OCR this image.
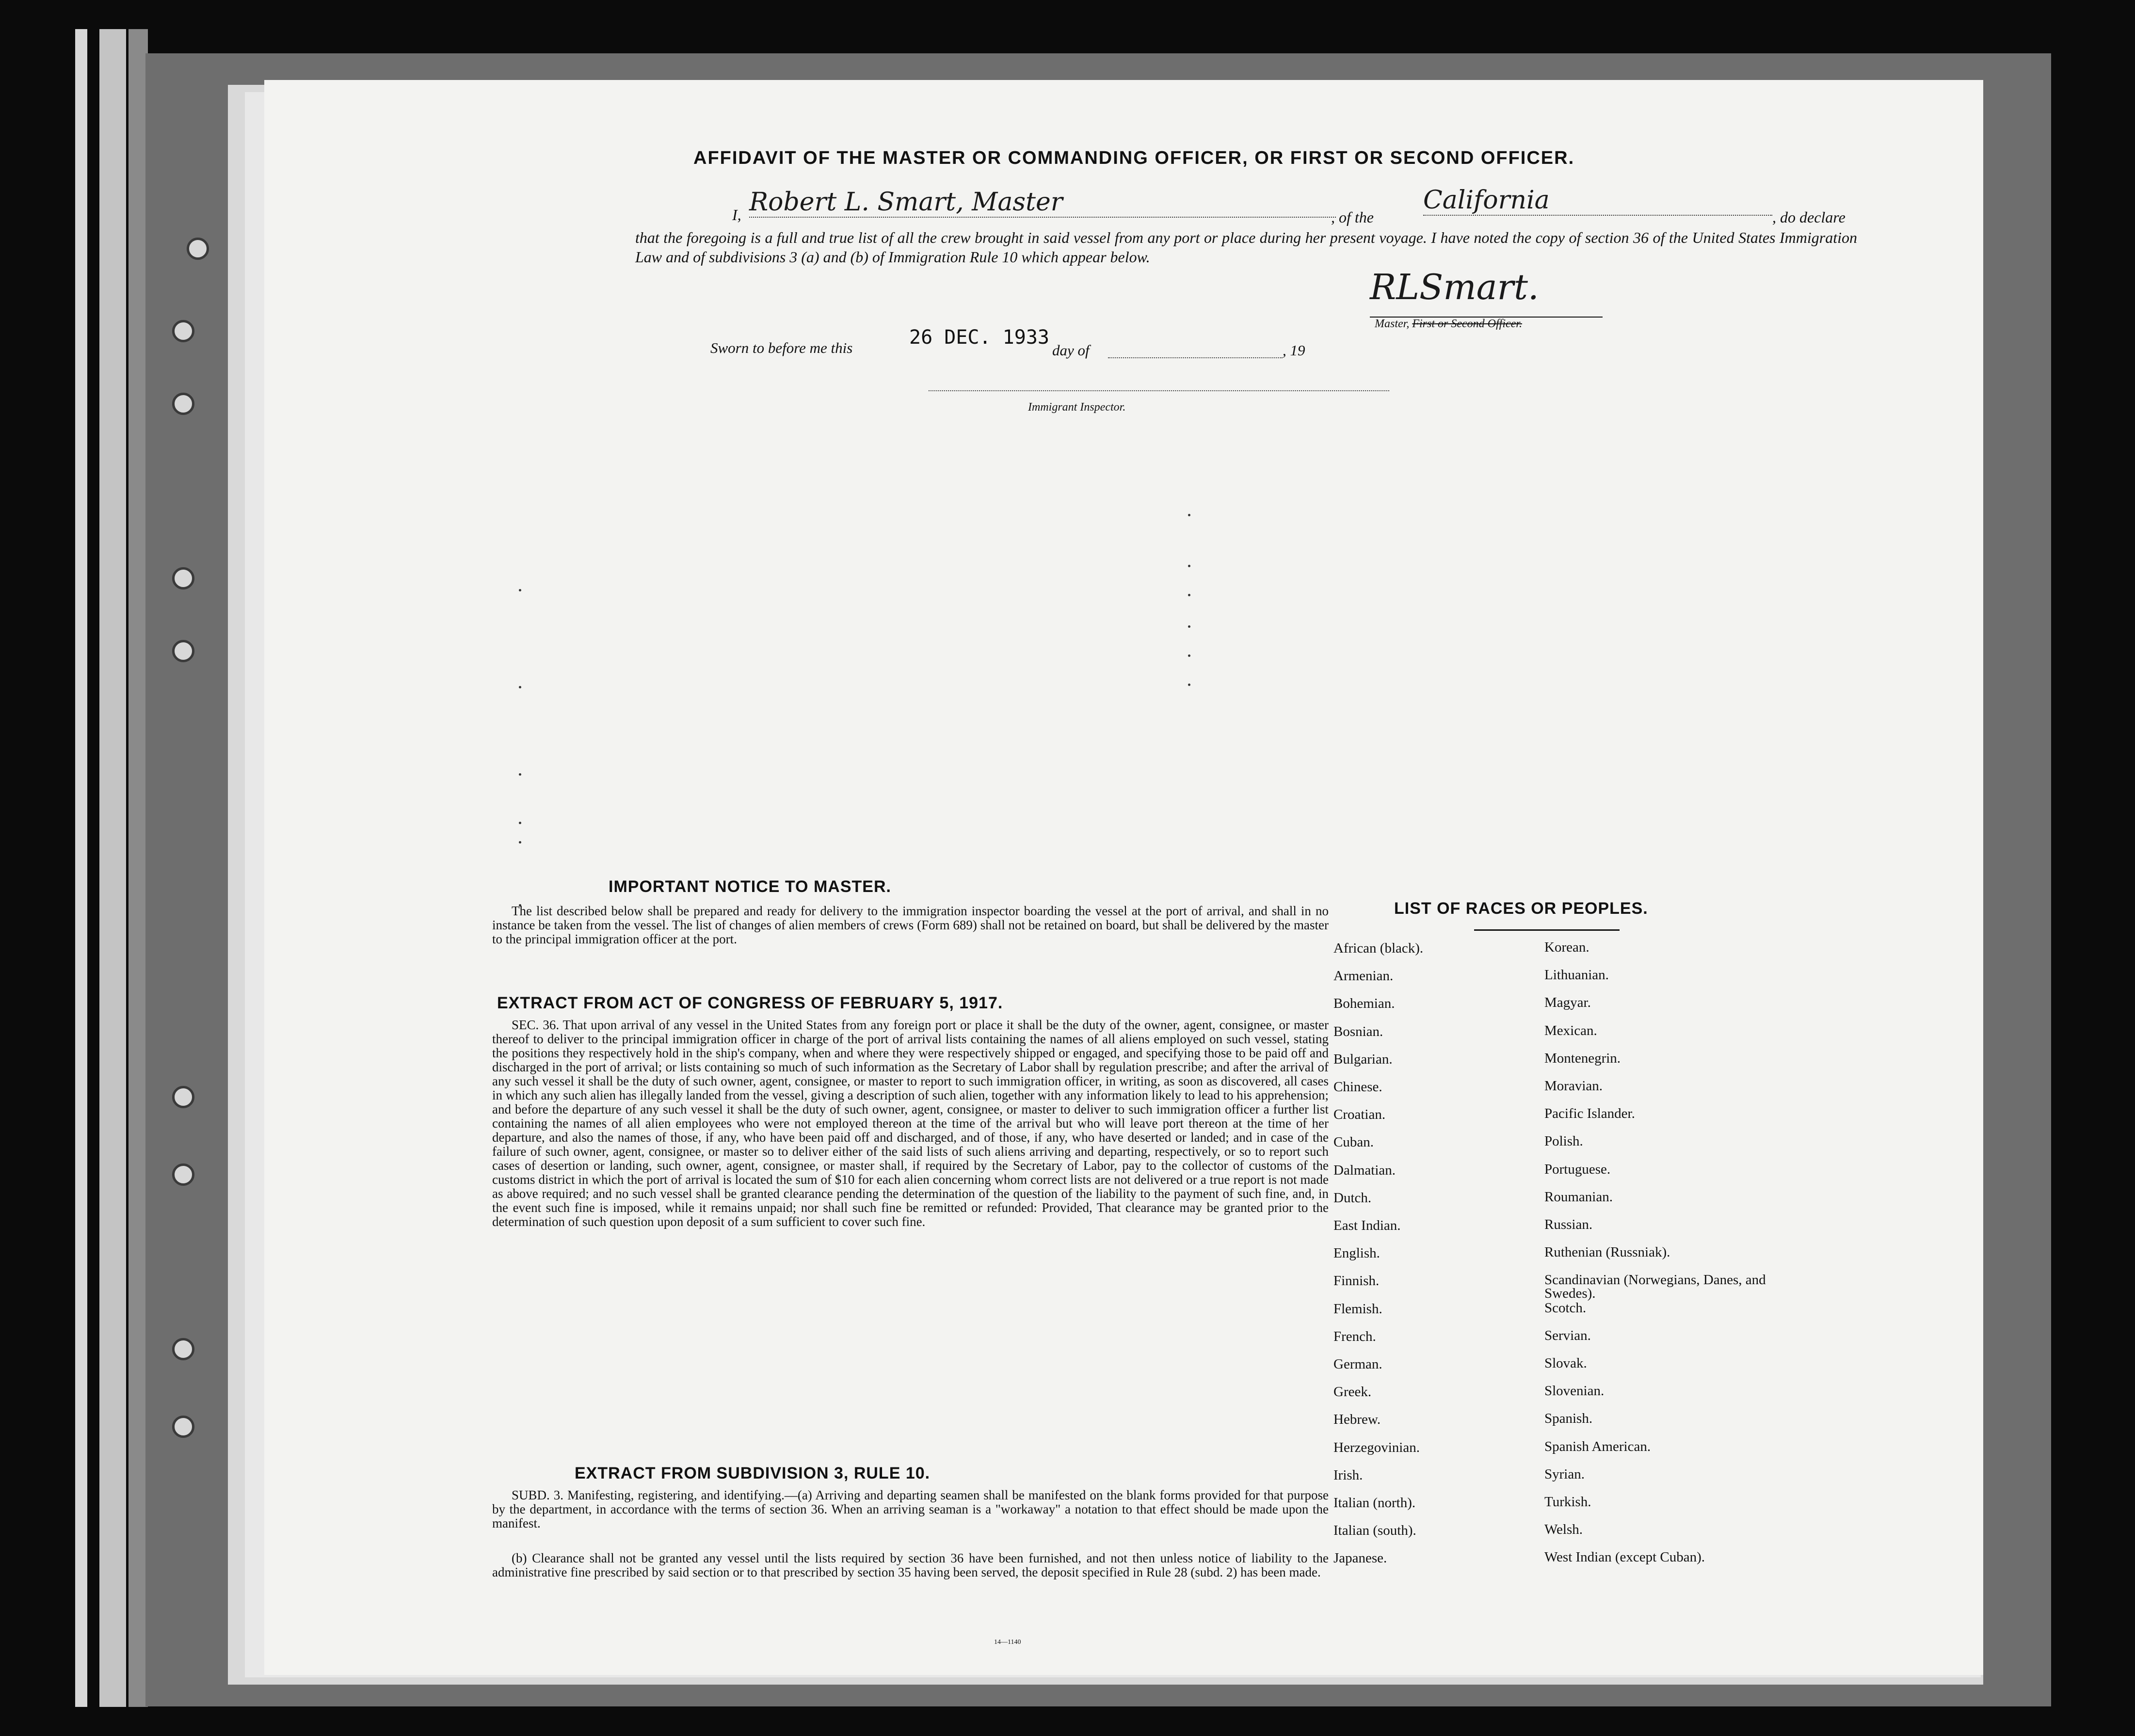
AFFIDAVIT OF THE MASTER OR COMMANDING OFFICER, OR FIRST OR SECOND OFFICER.
I, Robert L. Smart, Master
, of the
California
, do declare
that the foregoing is a full and true list of all the crew brought in said vessel from any port or place during her present voyage. I have noted the copy of section 36 of the United States Immigration Law and of subdivisions 3 (a) and (b) of Immigration Rule 10 which appear below.
RLSmart.
Master, First or Second Officer.
Sworn to before me this	26 DEC. 1933
day of	, 19
Immigrant Inspector.
IMPORTANT NOTICE TO MASTER.
The list described below shall be prepared and ready for delivery to the immigration inspector boarding the vessel at the port of arrival, and shall in no instance be taken from the vessel. The list of changes of alien members of crews (Form 689) shall not be retained on board, but shall be delivered by the master to the principal immigration officer at the port.
EXTRACT FROM ACT OF CONGRESS OF FEBRUARY 5, 1917.
SEC. 36. That upon arrival of any vessel in the United States from any foreign port or place it shall be the duty of the owner, agent, consignee, or master thereof to deliver to the principal immigration officer in charge of the port of arrival lists containing the names of all aliens employed on such vessel, stating the positions they respectively hold in the ship's company, when and where they were respectively shipped or engaged, and specifying those to be paid off and discharged in the port of arrival; or lists containing so much of such information as the Secretary of Labor shall by regulation prescribe; and after the arrival of any such vessel it shall be the duty of such owner, agent, consignee, or master to report to such immigration officer, in writing, as soon as discovered, all cases in which any such alien has illegally landed from the vessel, giving a description of such alien, together with any information likely to lead to his apprehension; and before the departure of any such vessel it shall be the duty of such owner, agent, consignee, or master to deliver to such immigration officer a further list containing the names of all alien employees who were not employed thereon at the time of the arrival but who will leave port thereon at the time of her departure, and also the names of those, if any, who have been paid off and discharged, and of those, if any, who have deserted or landed; and in case of the failure of such owner, agent, consignee, or master so to deliver either of the said lists of such aliens arriving and departing, respectively, or so to report such cases of desertion or landing, such owner, agent, consignee, or master shall, if required by the Secretary of Labor, pay to the collector of customs of the customs district in which the port of arrival is located the sum of $10 for each alien concerning whom correct lists are not delivered or a true report is not made as above required; and no such vessel shall be granted clearance pending the determination of the question of the liability to the payment of such fine, and, in the event such fine is imposed, while it remains unpaid; nor shall such fine be remitted or refunded: Provided, That clearance may be granted prior to the determination of such question upon deposit of a sum sufficient to cover such fine.
EXTRACT FROM SUBDIVISION 3, RULE 10.
SUBD. 3. Manifesting, registering, and identifying.—(a) Arriving and departing seamen shall be manifested on the blank forms provided for that purpose by the department, in accordance with the terms of section 36. When an arriving seaman is a "workaway" a notation to that effect should be made upon the manifest.
(b) Clearance shall not be granted any vessel until the lists required by section 36 have been furnished, and not then unless notice of liability to the administrative fine prescribed by said section or to that prescribed by section 35 having been served, the deposit specified in Rule 28 (subd. 2) has been made.
14—1140
LIST OF RACES OR PEOPLES.
African (black).
Armenian.
Bohemian.
Bosnian.
Bulgarian.
Chinese.
Croatian.
Cuban.
Dalmatian.
Dutch.
East Indian.
English.
Finnish.
Flemish.
French.
German.
Greek.
Hebrew.
Herzegovinian.
Irish.
Italian (north).
Italian (south).
Japanese.
Korean.
Lithuanian.
Magyar.
Mexican.
Montenegrin.
Moravian.
Pacific Islander.
Polish.
Portuguese.
Roumanian.
Russian.
Ruthenian (Russniak).
Scandinavian (Norwegians, Danes, and Swedes).
Scotch.
Servian.
Slovak.
Slovenian.
Spanish.
Spanish American.
Syrian.
Turkish.
Welsh.
West Indian (except Cuban).
